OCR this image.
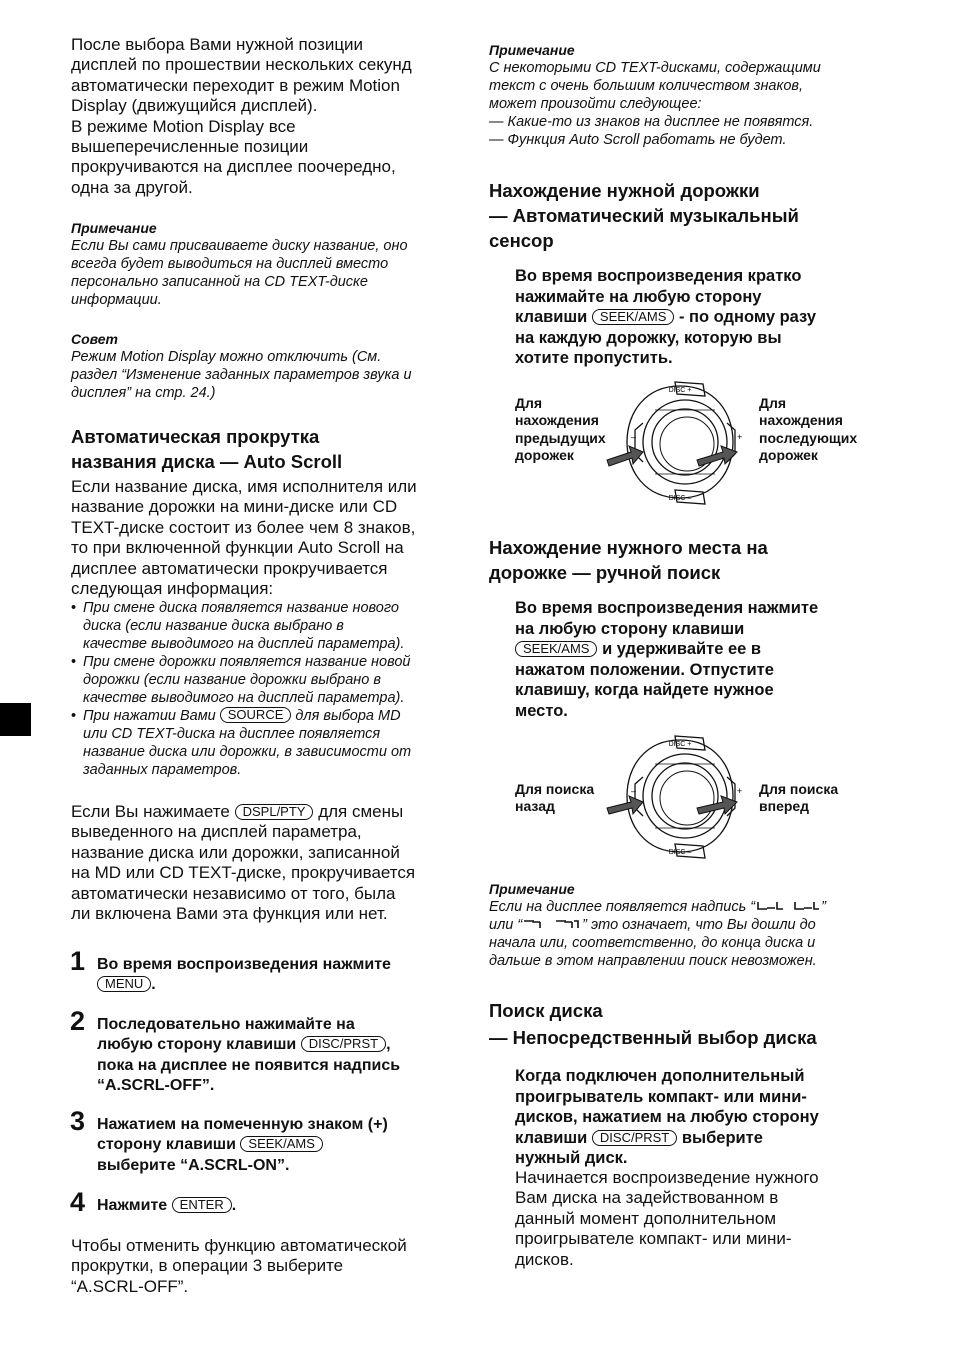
После выбора Вами нужной позиции
дисплей по прошествии нескольких секунд
автоматически переходит в режим Motion
Display (движущийся дисплей).
В режиме Motion Display все
вышеперечисленные позиции
прокручиваются на дисплее поочередно,
одна за другой.
Примечание
Если Вы сами присваиваете диску название, оно
всегда будет выводиться на дисплей вместо
персонально записанной на CD TEXT-диске
информации.
Совет
Режим Motion Display можно отключить (См.
раздел “Изменение заданных параметров звука и
дисплея” на стр. 24.)
Автоматическая прокрутка
названия диска — Auto Scroll
Если название диска, имя исполнителя или
название дорожки на мини-диске или CD
TEXT-диске состоит из более чем 8 знаков,
то при включенной функции Auto Scroll на
дисплее автоматически прокручивается
следующая информация:
• При смене диска появляется название нового
диска (если название диска выбрано в
качестве выводимого на дисплей параметра).
• При смене дорожки появляется название новой
дорожки (если название дорожки выбрано в
качестве выводимого на дисплей параметра).
• При нажатии Вами SOURCE для выбора MD
или CD TEXT-диска на дисплее появляется
название диска или дорожки, в зависимости от
заданных параметров.
Если Вы нажимаете DSPL/PTY для смены
выведенного на дисплей параметра,
название диска или дорожки, записанной
на MD или CD TEXT-диске, прокручивается
автоматически независимо от того, была
ли включена Вами эта функция или нет.
1 Во время воспроизведения нажмите
MENU .
2 Последовательно нажимайте на
любую сторону клавиши DISC/PRST ,
пока на дисплее не появится надпись
“A.SCRL-OFF”.
3 Нажатием на помеченную знаком (+)
сторону клавиши SEEK/AMS
выберите “A.SCRL-ON”.
4 Нажмите ENTER .
Чтобы отменить функцию автоматической
прокрутки, в операции 3 выберите
“A.SCRL-OFF”.
Примечание
С некоторыми CD TEXT-дисками, содержащими
текст с очень большим количеством знаков,
может произойти следующее:
— Какие-то из знаков на дисплее не появятся.
— Функция Auto Scroll работать не будет.
Нахождение нужной дорожки
— Автоматический музыкальный
сенсор
Во время воспроизведения кратко
нажимайте на любую сторону
клавиши SEEK/AMS - по одному разу
на каждую дорожку, которую вы
хотите пропустить.
Для
нахождения
предыдущих
дорожек
Для
нахождения
последующих
дорожек
DISC +
DISC –
+
–
Нахождение нужного места на
дорожке — ручной поиск
Во время воспроизведения нажмите
на любую сторону клавиши
SEEK/AMS и удерживайте ее в
нажатом положении. Отпустите
клавишу, когда найдете нужное
место.
Для поиска
назад
Для поиска
вперед
DISC +
DISC –
+
–
Примечание
Если на дисплее появляется надпись “	”
или “	” это означает, что Вы дошли до
начала или, соответственно, до конца диска и
дальше в этом направлении поиск невозможен.
Поиск диска
— Непосредственный выбор диска
Когда подключен дополнительный
проигрыватель компакт- или мини-
дисков, нажатием на любую сторону
клавиши DISC/PRST выберите
нужный диск.
Начинается воспроизведение нужного
Вам диска на задействованном в
данный момент дополнительном
проигрывателе компакт- или мини-
дисков.
